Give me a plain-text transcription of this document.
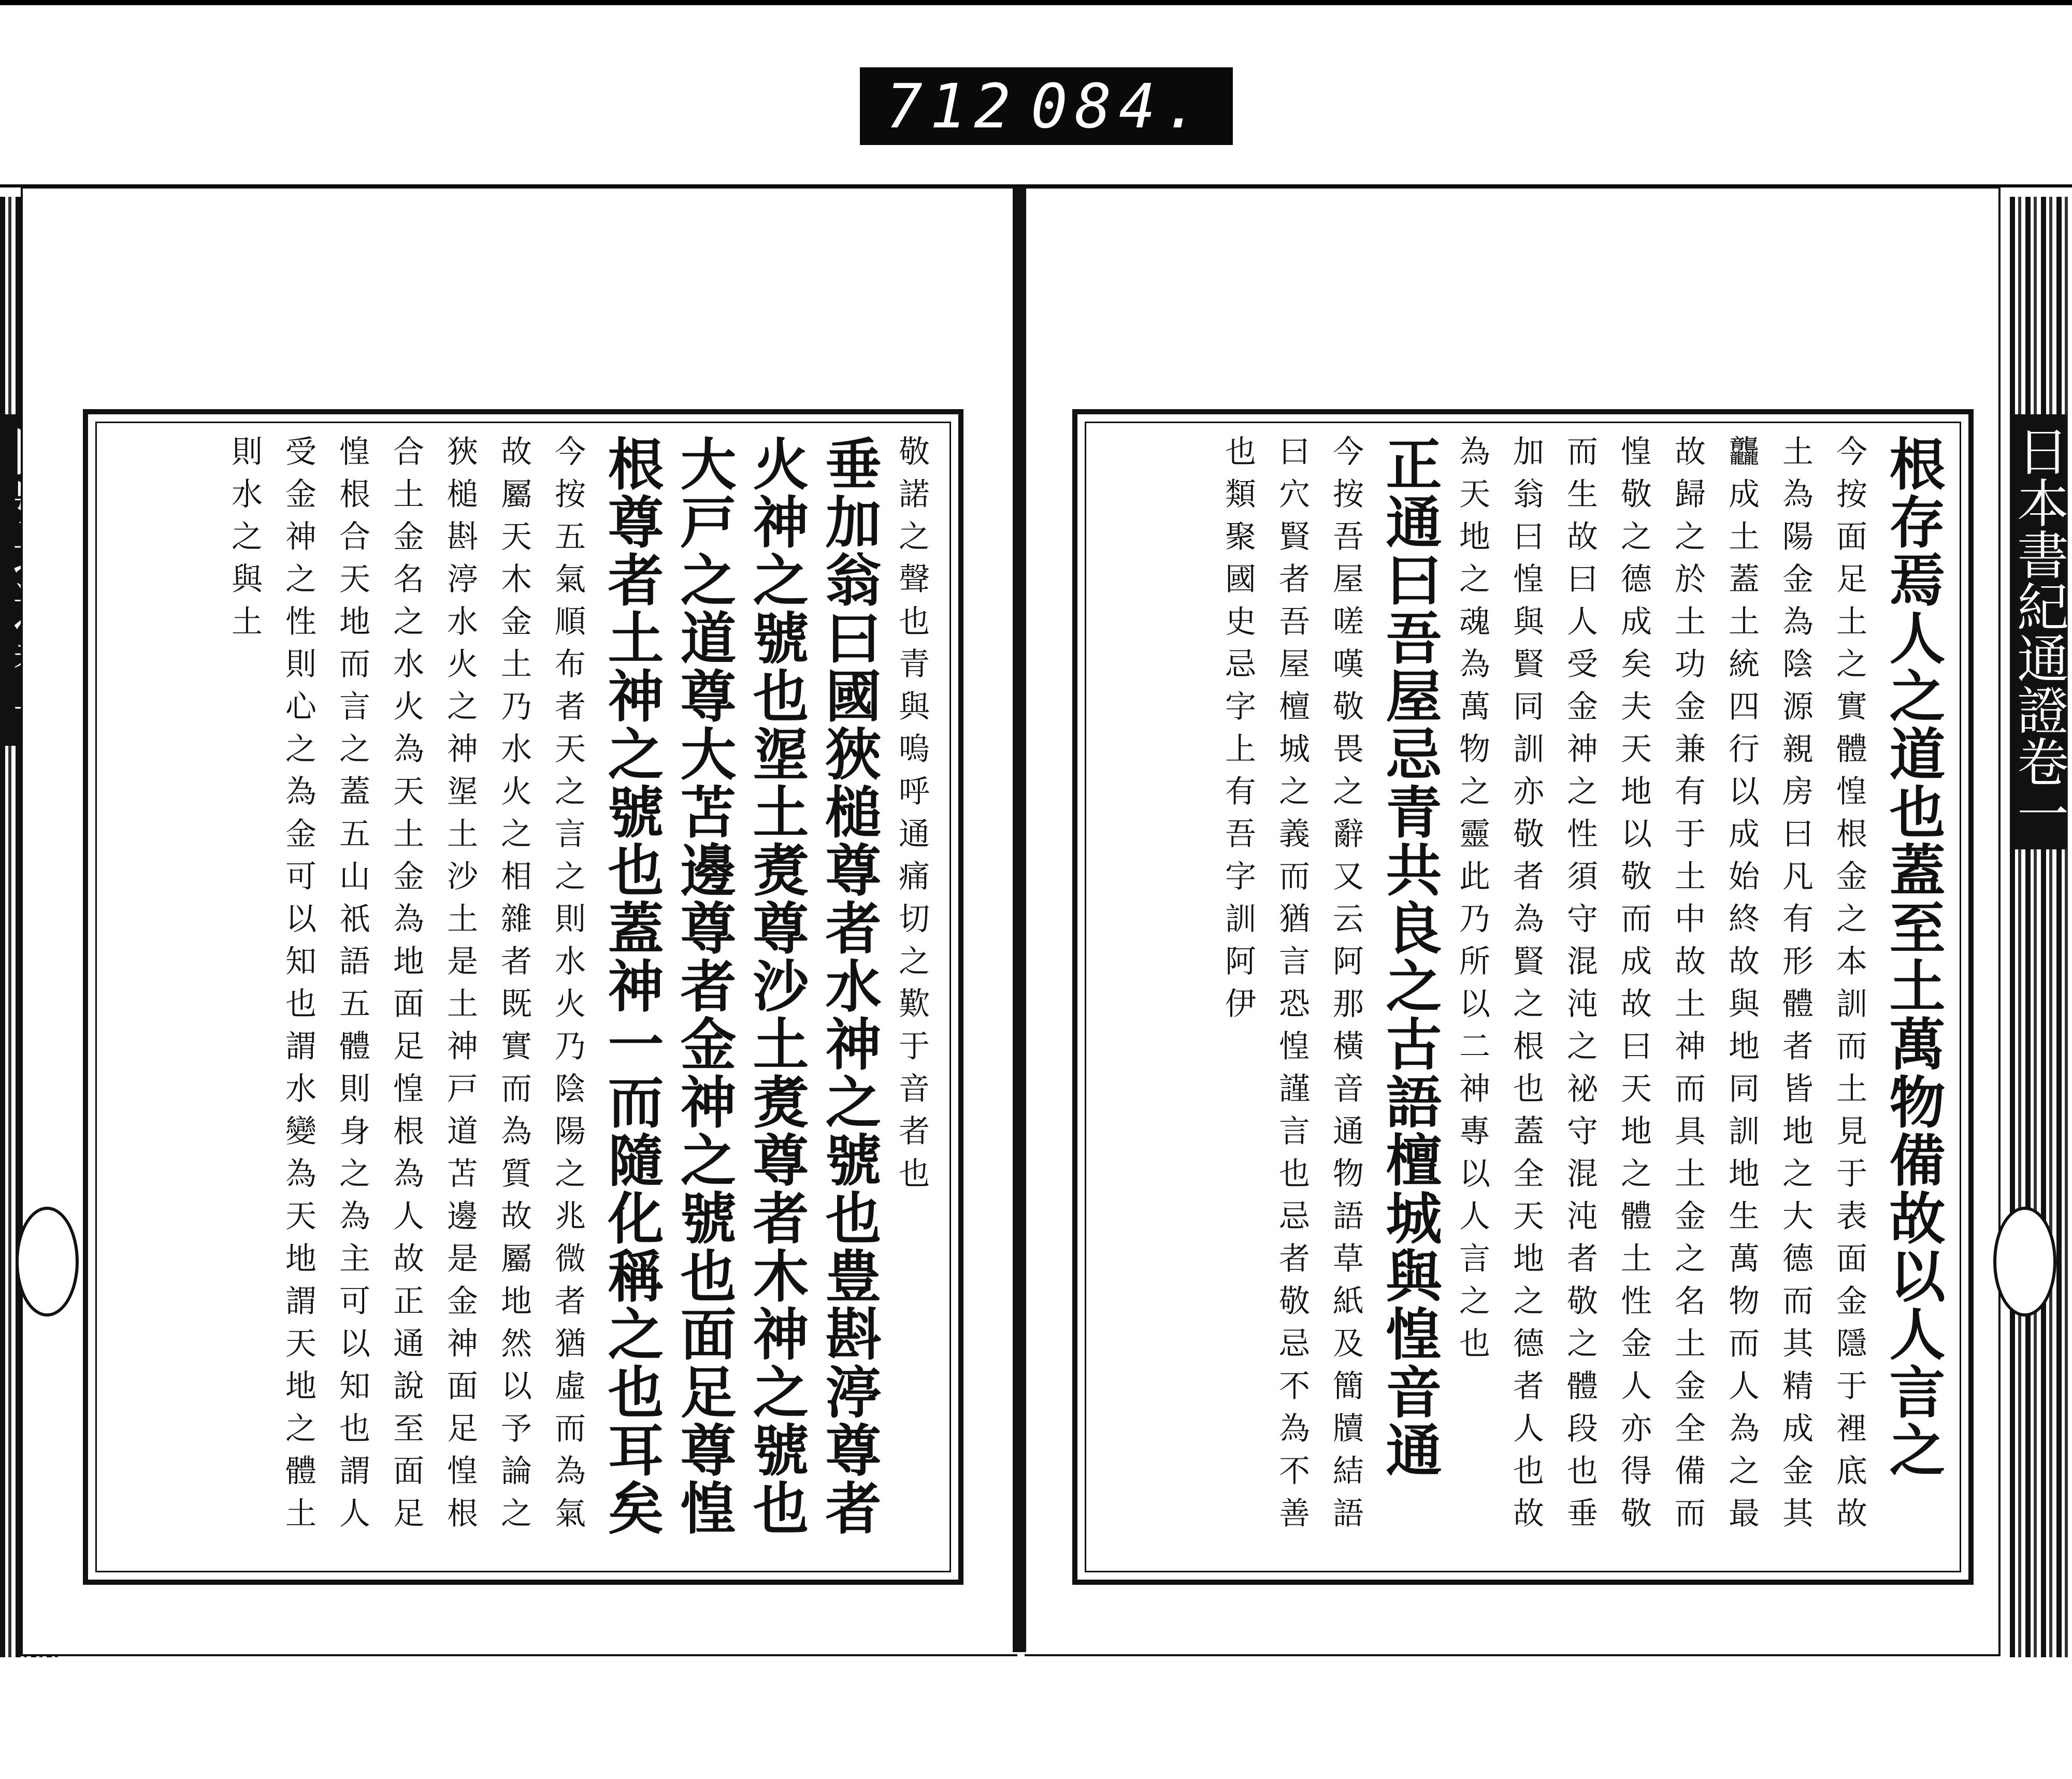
712 084.
日本書紀通證卷一
敬諾之聲也青與嗚呼通痛切之歎于音者也
垂加翁曰國狹槌尊者水神之號也豊斟渟尊者火神之號也埿土煑尊沙土煑尊者木神之號也大戸之道尊大苫邊尊者金神之號也面足尊惶根尊者土神之號也蓋神一而隨化稱之也耳矣
今按五氣順布者天之言之則水火乃陰陽之兆微者猶虛而為氣故屬天木金土乃水火之相雜者既實而為質故屬地然以予論之狹槌斟渟水火之神埿土沙土是土神戸道苫邊是金神面足惶根合土金名之水火為天土金為地面足惶根為人故正通說至面足惶根合天地而言之蓋五山祇語五體則身之為主可以知也謂人受金神之性則心之為金可以知也謂水變為天地謂天地之體土則水之與土	根存焉人之道也蓋至土萬物備故以人言之
今按面足土之實體惶根金之本訓而土見于表面金隱于裡底故土為陽金為陰源親房曰凡有形體者皆地之大德而其精成金其龘成土蓋土統四行以成始終故與地同訓地生萬物而人為之最故歸之於土功金兼有于土中故土神而具土金之名土金全備而惶敬之德成矣夫天地以敬而成故曰天地之體土性金人亦得敬而生故曰人受金神之性須守混沌之祕守混沌者敬之體段也垂加翁曰惶與賢同訓亦敬者為賢之根也蓋全天地之德者人也故為天地之魂為萬物之靈此乃所以二神專以人言之也
正通曰吾屋忌青共良之古語檀城與惶音通
今按吾屋嗟嘆敬畏之辭又云阿那橫音通物語草紙及簡牘結語曰穴賢者吾屋檀城之義而猶言恐惶謹言也忌者敬忌不為不善也類聚國史忌字上有吾字訓阿伊
